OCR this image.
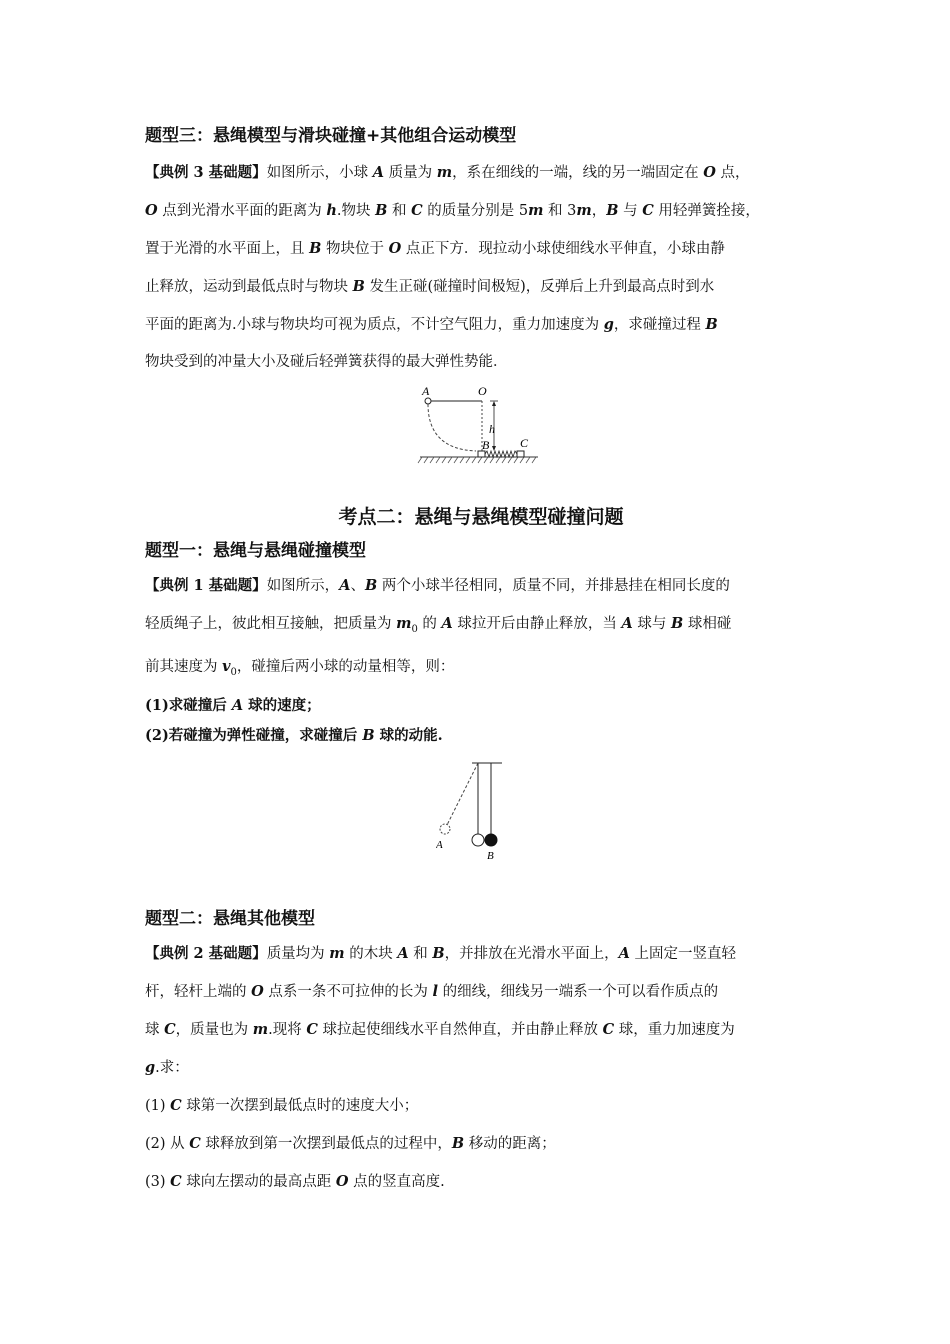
题型三：悬绳模型与滑块碰撞+其他组合运动模型
【典例 3 基础题】如图所示，小球 A 质量为 m，系在细线的一端，线的另一端固定在 O 点，
O 点到光滑水平面的距离为 h.物块 B 和 C 的质量分别是 5m 和 3m，B 与 C 用轻弹簧拴接，
置于光滑的水平面上，且 B 物块位于 O 点正下方．现拉动小球使细线水平伸直，小球由静
止释放，运动到最低点时与物块 B 发生正碰(碰撞时间极短)，反弹后上升到最高点时到水
平面的距离为.小球与物块均可视为质点，不计空气阻力，重力加速度为 g，求碰撞过程 B
物块受到的冲量大小及碰后轻弹簧获得的最大弹性势能．
A	O
h
B	C
考点二：悬绳与悬绳模型碰撞问题
题型一：悬绳与悬绳碰撞模型
【典例 1 基础题】如图所示，A、B 两个小球半径相同，质量不同，并排悬挂在相同长度的
轻质绳子上，彼此相互接触，把质量为 $m_0$ 的 A 球拉开后由静止释放，当 A 球与 B 球相碰
前其速度为 $v_0$，碰撞后两小球的动量相等，则：
(1)求碰撞后 A 球的速度；
(2)若碰撞为弹性碰撞，求碰撞后 B 球的动能.
A
B
题型二：悬绳其他模型
【典例 2 基础题】质量均为 m 的木块 A 和 B，并排放在光滑水平面上，A 上固定一竖直轻
杆，轻杆上端的 O 点系一条不可拉伸的长为 l 的细线，细线另一端系一个可以看作质点的
球 C，质量也为 m.现将 C 球拉起使细线水平自然伸直，并由静止释放 C 球，重力加速度为
g.求：
(1) C 球第一次摆到最低点时的速度大小；
(2) 从 C 球释放到第一次摆到最低点的过程中，B 移动的距离；
(3) C 球向左摆动的最高点距 O 点的竖直高度.
